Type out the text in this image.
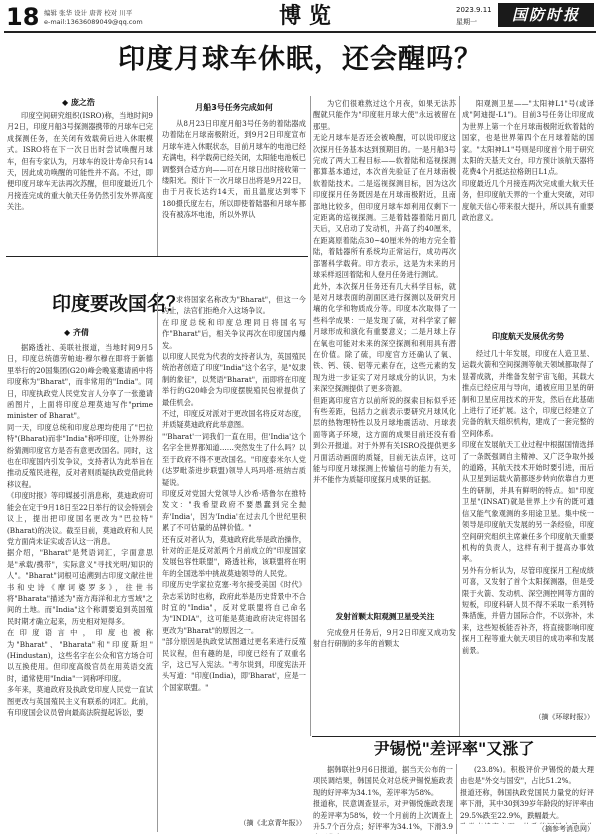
18 编辑 张华 设计 唐菁 校对 川平
e-mail:13636089049@qq.com	博 览	2023.9.11
星期一	国防时报
印度月球车休眠，还会醒吗？
◆ 庞之浩
印度空间研究组织(ISRO)称，当地时间9月2日，印度月船3号探测器携带的月球车已完成探测任务，在关闭有效载荷后进入休眠模式。ISRO将在下一次日出时尝试唤醒月球车，但有专家认为，月球车的设计寿命只有14天，因此成功唤醒的可能性并不高。不过，即便印度月球车无法再次苏醒，但印度最近几个月接连完成的重大航天任务仍然引发外界高度关注。
月船3号任务完成如何
从8月23日印度月船3号任务的着陆器成功着陆在月球南极附近，到9月2日印度宣布月球车进入休眠状态，目前月球车的电池已经充满电，科学载荷已经关闭，太阳能电池板已调整到合适方向——可在月球日出时接收第一缕阳光。预计下一次月球日出将是9月22日，由于月夜长达约14天，而且温度达到零下180摄氏度左右，所以即使着陆器和月球车都没有被冻坏电池，所以外界认
为它们很难熬过这个月夜，如果无法苏醒就只能作为"印度驻月球大使"永远被留在那里。
无论月球车是否还会被唤醒，可以说印度这次探月任务基本达到预期目的。一是月船3号完成了两大工程目标——软着陆和巡视探测都算基本通过，本次首先验证了在月球南极软着陆技术。二是巡视探测目标，因为这次印度探月任务既因是在月球南极附近，且南部地比较多，但印度月球车却利用仅剩下一定距离的巡视探测。三是着陆器着陆月面几天后，又启动了发动机，升高了约40厘米，在距离原着陆点30~40厘米外的地方完全着陆，着陆器所有系统均正常运行，成功再次部署科学载荷。印方表示，这是为未来的月球采样返回着陆和人登月任务进行测试。
此外，本次探月任务还有几大科学目标，就是对月球表面的剖面区进行探测以及研究月壤的化学和物质成分等。印度本次取得了一些科学成果：一是发现了硫，对科学家了解月球形成和演化有重要意义；二是月球上存在氧也可能对未来的深空探测和利用具有潜在价值。除了硫，印度官方还确认了氧、铁、钙、镁、铝等元素存在，这些元素的发现为进一步证实了对月球成分的认识，为未来深空探测提供了更多资源。
但距离印度官方以前所说的探索目标似乎还有些差距，包括力之前表示要研究月球风化层的热物理特性以及月球地震活动、月球表面等离子环境，这方面的成果目前还没有看到公开报道。对于外界有关ISRO没提供更多月面活动画面的质疑，目前无法点评，这可能与印度月球探测上传输信号的能力有关，并不能作为质疑印度探月成果的证据。
发射首颗太阳观测卫星受关注
完成登月任务后，9月2日印度又成功发射自行研制的多年的首颗太
阳观测卫星——"太阳神L1"号(或译成"阿迪提-L1")。目前3号任务让印度成为世界上第一个在月球南极附近软着陆的国家，也是世界第四个在月球着陆的国家。"太阳神L1"号则是印度首个用于研究太阳的天基天文台，印方预计该航天器将花费4个月抵达拉格朗日L1点。
印度最近几个月接连两次完成重大航天任务，但印度航天界的一个重大突破，对印度航天信心带来很大提升，所以具有重要政治意义。
印度航天发展优劣势
经过几十年发展，印度在人造卫星、运载火箭和空间探测等航天领域都取得了显著成就，并维备发射宇宙飞船，其载大推点已经应用与导向，通被应用卫星的研制和卫星应用技术的开发，然后在此基础上进行了还扩展。这个，印度已经建立了完备的航天组织机构，建成了一套完整的空间体系。
印度在发展航天工业过程中根据国情选择了一条既强调自主精神、又广泛争取外援的道路，其航天技术开始时要引进，而后从卫星到运载火箭都逐步转向依靠自力更生的研制，并具有鲜明的特点。如"印度卫星"(INSAT)就是世界上少有的既可通信又能气象观测的多用途卫星。集中统一领导是印度航天发展的另一条经验，印度空间研究组织主席兼任多个印度航天重要机构的负责人，这样有利于提高办事效率。
另外有分析认为，尽管印度探月工程成绩可喜，又发射了首个太阳探测器，但是受限于火箭、发动机、深空测控网等方面的短板，印度科研人员不得不采取一系列特殊措施，并借力国际合作，不以弥补，未来，这些短板能否补齐，将直接影响印度探月工程等重大航天项目的成功率和发展前景。
（摘《环球时报》）
印度要改国名？
◆ 齐倩
据路透社、美联社报道，当地时间9月5日，印度总统德劳帕迪·穆尔穆在即将于新德里举行的20国集团(G20)峰会晚宴邀请函中将印度称为"Bharat"，而非常用的"India"。同日，印度执政党人民党发言人分享了一张邀请函图片，上面将印度总理莫迪写作"prime minister of Bharat"。
同一天，印度总统和印度总理均使用了"巴拉特"(Bharat)而非"India"称呼印度，让外界纷纷猜测印度官方是否有意更改国名。同时，这也在印度国内引发争议，支持者认为此举旨在推动反殖民进程，反对者则质疑执政党借此转移议程。
《印度时报》等印媒援引消息称，莫迪政府可能会在定于9月18日至22日举行的议会特别会议上，提出把印度国名更改为"巴拉特"(Bharat)的决议。截至目前，莫迪政府和人民党方面尚未证实或否认这一消息。
据介绍，"Bharat"是梵语词汇，字面意思是"承载/携带"，实际意义"寻找光明/知识的人"。"Bharat"词根可追溯到古印度文献往世书和史诗《摩诃婆罗多》，往世书将"Bharata"描述为"南方海洋和北方雪域"之间的土地。而"India"这个称谓要追到英国殖民时期才确立起来，历史相对短得多。
在印度语言中，印度也被称为"Bharat"、"Bharata"和"印度斯坦"(Hindustan)，这些名字在公众和官方场合可以互换使用。但印度高级官员在用英语交流时，通常使用"India"一词称呼印度。
多年来，莫迪政府及执政党印度人民党一直试图更改与英国殖民主义有联系的词汇。此前，有印度国会议员曾向最高法院提起诉讼，要
求将国家名称改为"Bharat"，但这一今为止，法官们拒绝介入这场争议。
在印度总统和印度总理同日将国名写作"Bharat"后，相关争议再次在印度国内爆发。
以印度人民党为代表的支持者认为，英国殖民统治者创造了印度"India"这个名字，是"奴隶制的象征"，以梵语"Bharat"，而即将在印度举行的G20峰会为印度摆脱殖民包袱提供了最佳机会。
不过，印度反对派对于更改国名将反对态度，并质疑莫迪政府此举意图。
"'Bharat'一词我们一直在用，但'India'这个名字全世界都知道……突然发生了什么吗？以至于政府不得不更改国名。"印度泰米尔人党(达罗毗荼进步联盟)领导人玛玛塔·班纳吉质疑说。
印度反对党国大党领导人沙希·塔鲁尔在推特发文："我希望政府不要愚蠢到完全抛弃'India'，因为'India'在过去几个世纪里积累了不可估量的品牌价值。"
还有反对者认为，莫迪政府此举是政治操作，针对的正是反对派两个月前成立的"印度国家发展包容性联盟"，路透社称，该联盟将在明年的全国选举中挑战莫迪领导的人民党。
印度历史学家拉克塞·考尔接受美国《时代》杂志采访时也称，政府此举是历史背景中不合时宜的"India"，反对党联盟将自己命名为"INDIA"，这可能是莫迪政府决定将国名更改为"Bharat"的原因之一。
"部分原因是执政党试图通过更名来进行反殖民议程，但有趣的是，印度已经有了双重名字，这已写入宪法。"考尔说到，印度宪法开头写道："印度(India)，即'Bharat'，应是一个国家联盟。"
（摘《北京青年报》）
尹锡悦"差评率"又涨了
据韩联社9月6日报道，据当天公布的一项民调结果，韩国民众对总统尹锡悦施政表现的好评率为34.1%，差评率为58%。
报道称，民意调查显示，对尹锡悦施政表现的差评率为58%，较一个月前的上次调查上升5.7个百分点；好评率为34.1%，下滑3.9

(23.8%)。积极评价尹锡悦的最大理由也是"外交与国安"，占比51.2%。
报道还称，韩国执政党国民力量党的好评率下滑，其中30到39岁年龄段的好评率由29.5%跌至22.9%，跌幅最大。

（摘参考消息网）
